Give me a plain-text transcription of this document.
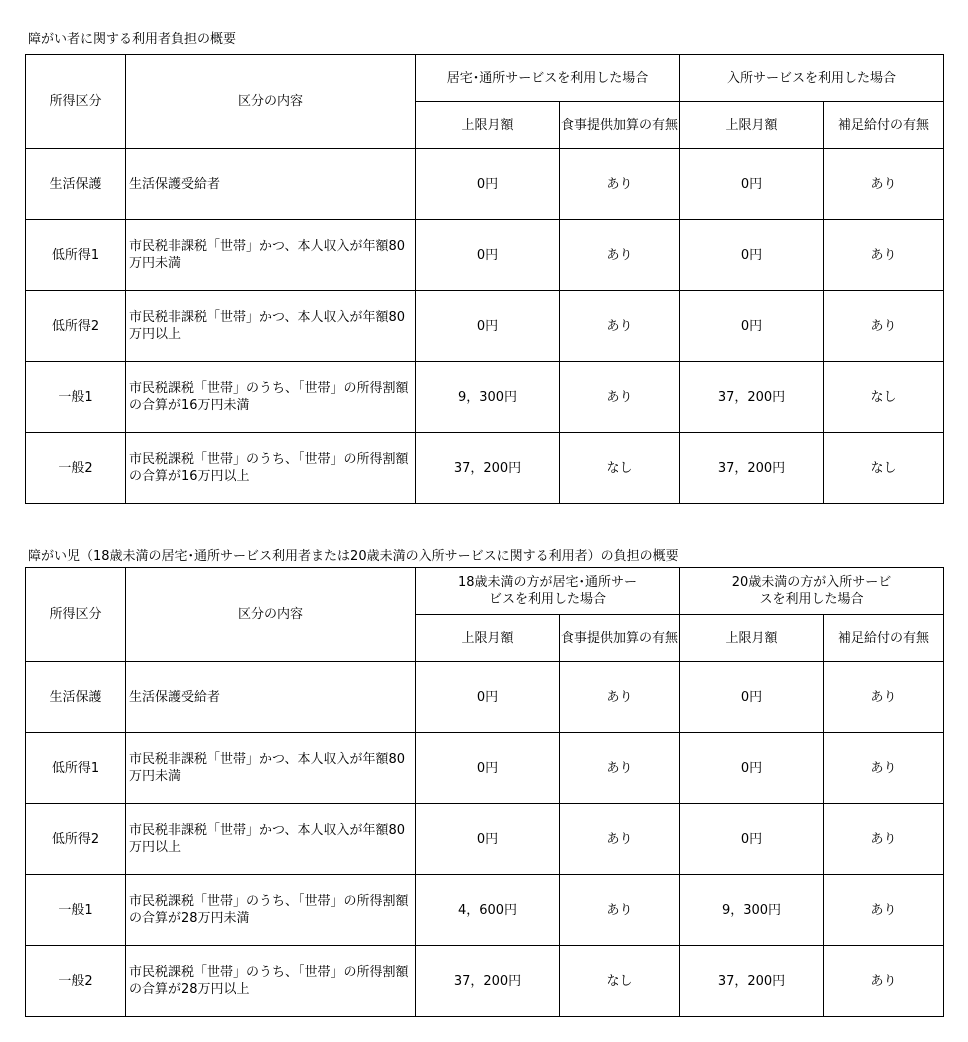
障がい者に関する利用者負担の概要
所得区分	区分の内容	居宅･通所サービスを利用した場合		入所サービスを利用した場合	
		上限月額	食事提供加算の有無	上限月額	補足給付の有無
生活保護	生活保護受給者	0円	あり	0円	あり
低所得1	市民税非課税「世帯」かつ、本人収入が年額80万円未満	0円	あり	0円	あり
低所得2	市民税非課税「世帯」かつ、本人収入が年額80万円以上	0円	あり	0円	あり
一般1	市民税課税「世帯」のうち、「世帯」の所得割額の合算が16万円未満	9，300円	あり	37，200円	なし
一般2	市民税課税「世帯」のうち、「世帯」の所得割額の合算が16万円以上	37，200円	なし	37，200円	なし
障がい児（18歳未満の居宅･通所サービス利用者または20歳未満の入所サービスに関する利用者）の負担の概要
所得区分	区分の内容	18歳未満の方が居宅･通所サービスを利用した場合		20歳未満の方が入所サービスを利用した場合	
		上限月額	食事提供加算の有無	上限月額	補足給付の有無
生活保護	生活保護受給者	0円	あり	0円	あり
低所得1	市民税非課税「世帯」かつ、本人収入が年額80万円未満	0円	あり	0円	あり
低所得2	市民税非課税「世帯」かつ、本人収入が年額80万円以上	0円	あり	0円	あり
一般1	市民税課税「世帯」のうち、「世帯」の所得割額の合算が28万円未満	4，600円	あり	9，300円	あり
一般2	市民税課税「世帯」のうち、「世帯」の所得割額の合算が28万円以上	37，200円	なし	37，200円	あり
